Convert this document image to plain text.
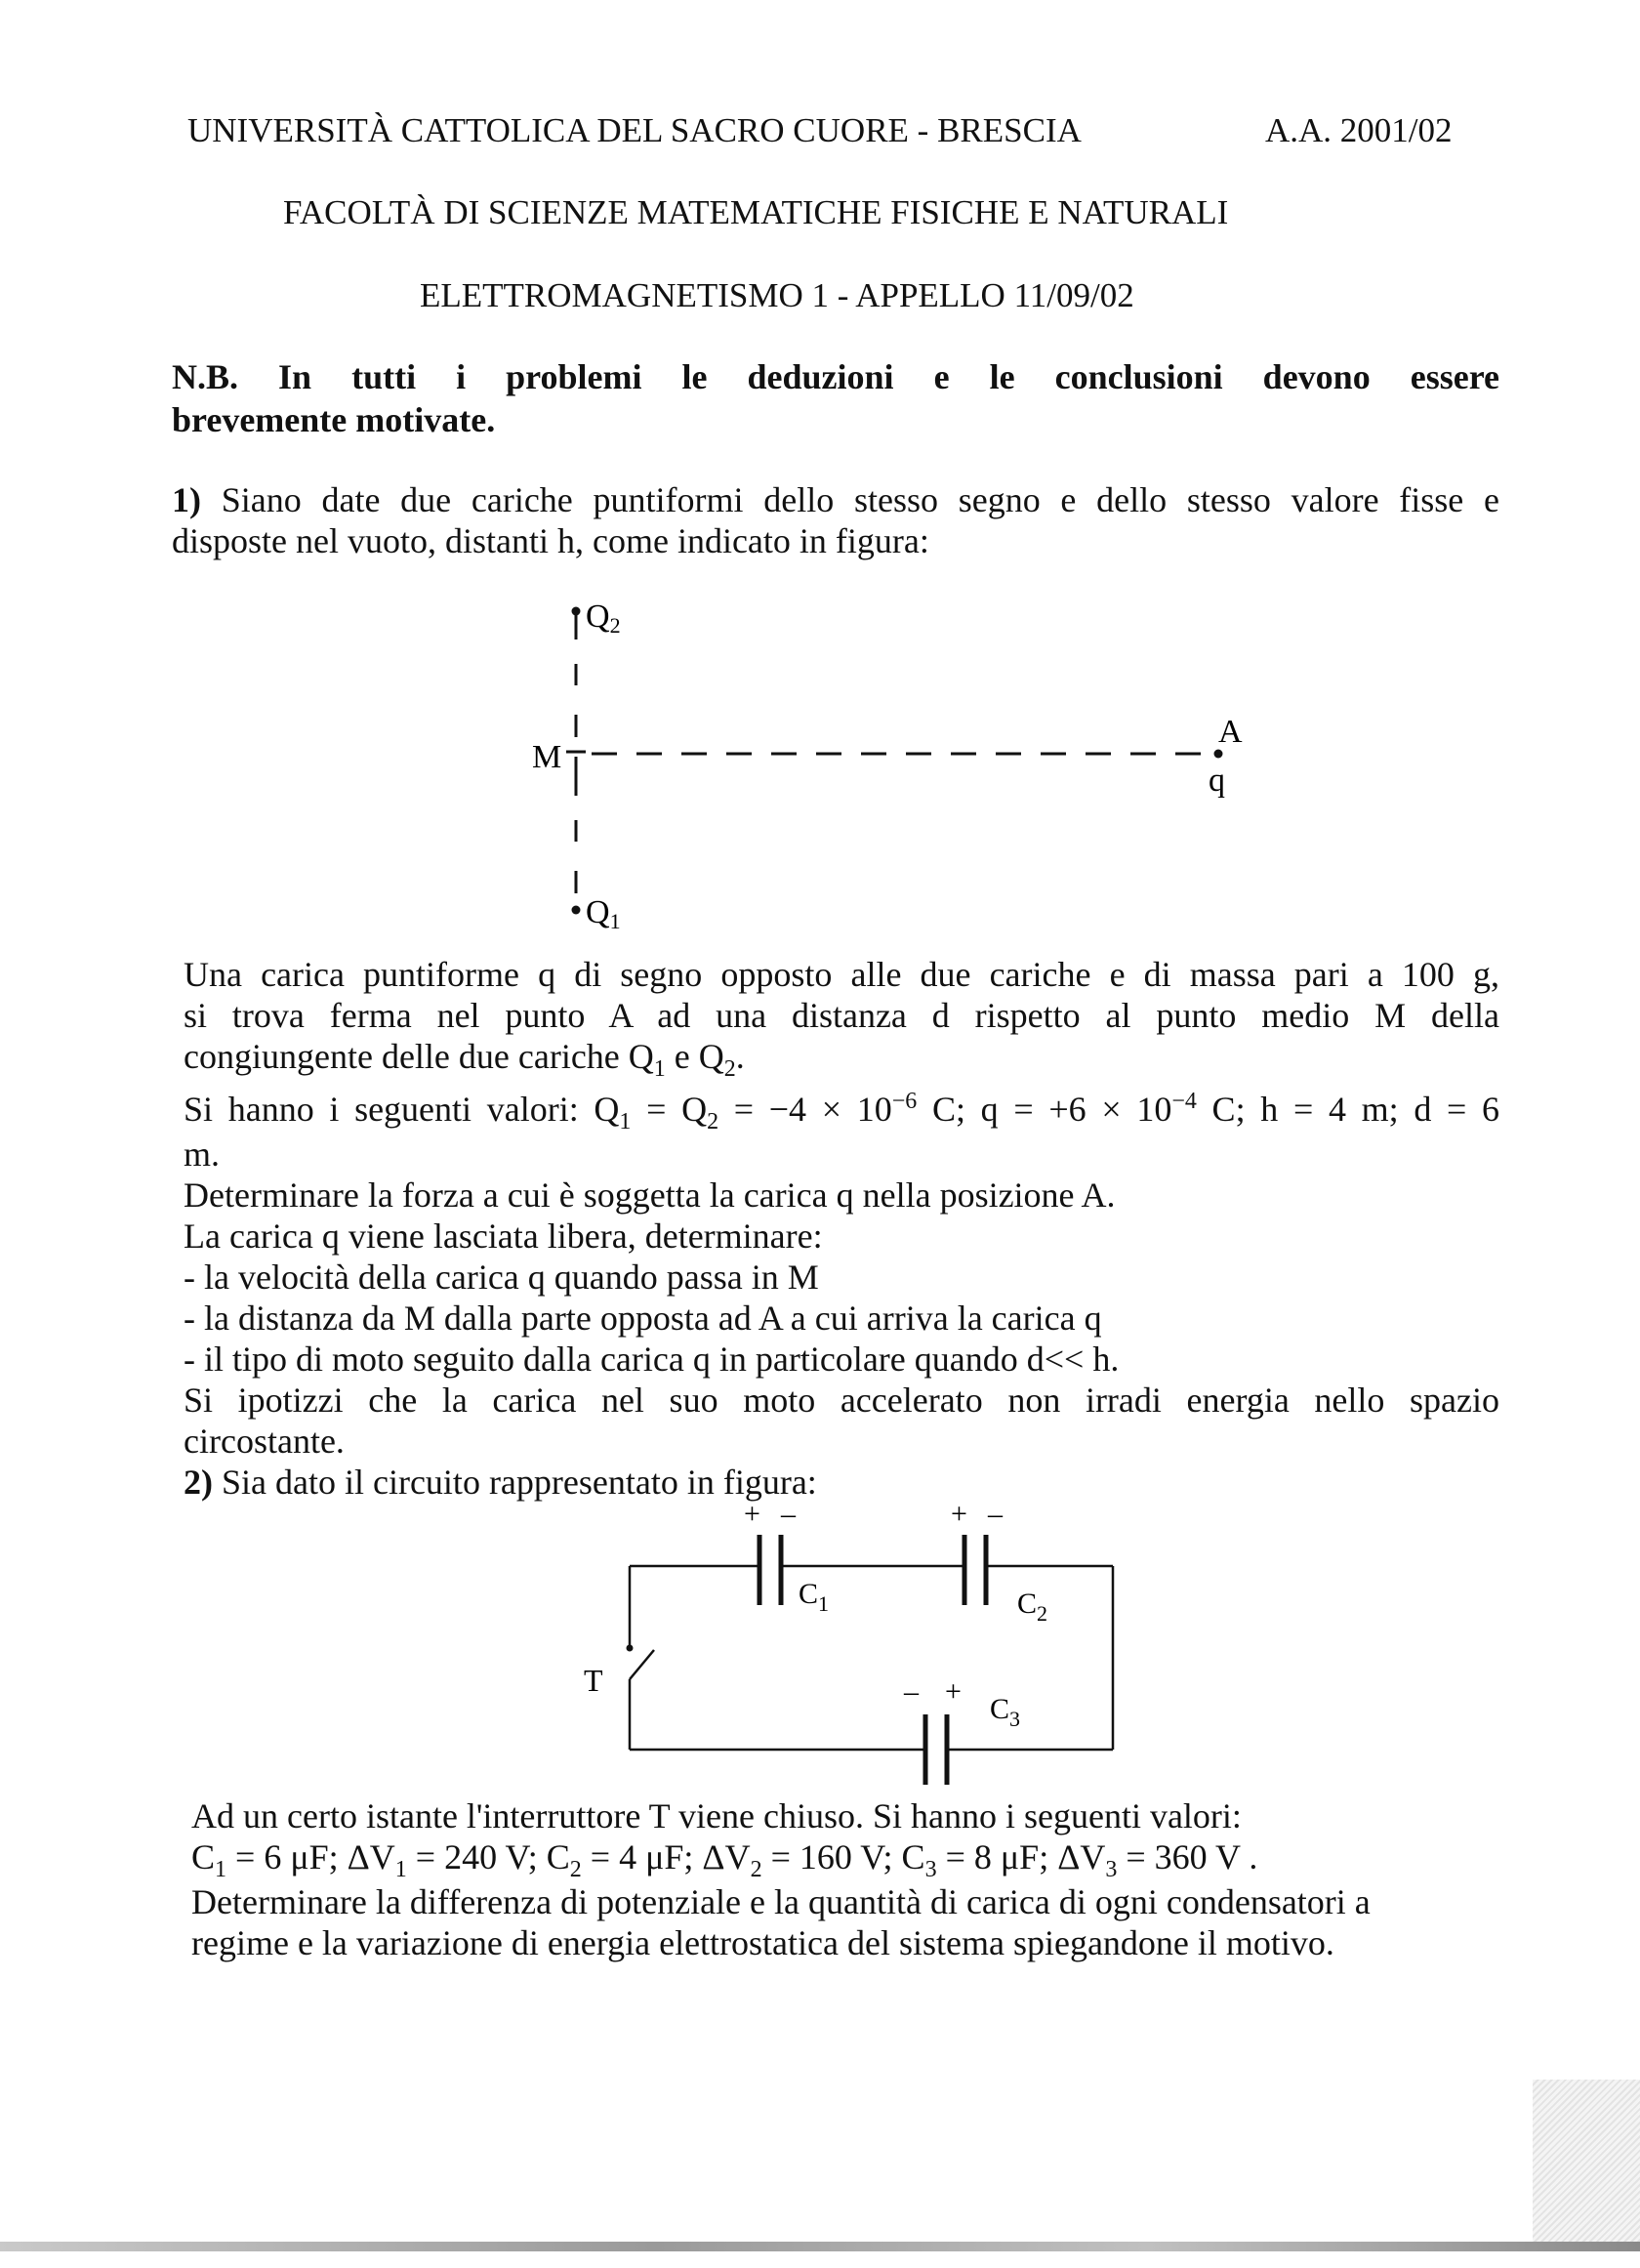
UNIVERSITÀ CATTOLICA DEL SACRO CUORE - BRESCIA	A.A. 2001/02
FACOLTÀ DI SCIENZE MATEMATICHE FISICHE E NATURALI
ELETTROMAGNETISMO 1 - APPELLO 11/09/02
N.B. In tutti i problemi le deduzioni e le conclusioni devono essere
brevemente motivate.
1) Siano date due cariche puntiformi dello stesso segno e dello stesso valore fisse e
disposte nel vuoto, distanti h, come indicato in figura:
Q2
Q1
M
A
q
Una carica puntiforme q di segno opposto alle due cariche e di massa pari a 100 g,
si trova ferma nel punto A ad una distanza d rispetto al punto medio M della
congiungente delle due cariche $Q_1$ e $Q_2$.
Si hanno i seguenti valori: $Q_1 = Q_2 = -4 \times 10^{-6}$ C; $q = +6 \times 10^{-4}$ C; h = 4 m; d = 6
m.
Determinare la forza a cui è soggetta la carica q nella posizione A.
La carica q viene lasciata libera, determinare:
- la velocità della carica q quando passa in M
- la distanza da M dalla parte opposta ad A a cui arriva la carica q
- il tipo di moto seguito dalla carica q in particolare quando d<< h.
Si ipotizzi che la carica nel suo moto accelerato non irradi energia nello spazio
circostante.
2) Sia dato il circuito rappresentato in figura:
T
+ –
$C_1$
+ –
$C_2$
– +
$C_3$
Ad un certo istante l'interruttore T viene chiuso. Si hanno i seguenti valori:
$C_1 = 6$ μF; $\Delta V_1 = 240$ V; $C_2 = 4$ μF; $\Delta V_2 = 160$ V; $C_3 = 8$ μF; $\Delta V_3 = 360$ V .
Determinare la differenza di potenziale e la quantità di carica di ogni condensatori a
regime e la variazione di energia elettrostatica del sistema spiegandone il motivo.
